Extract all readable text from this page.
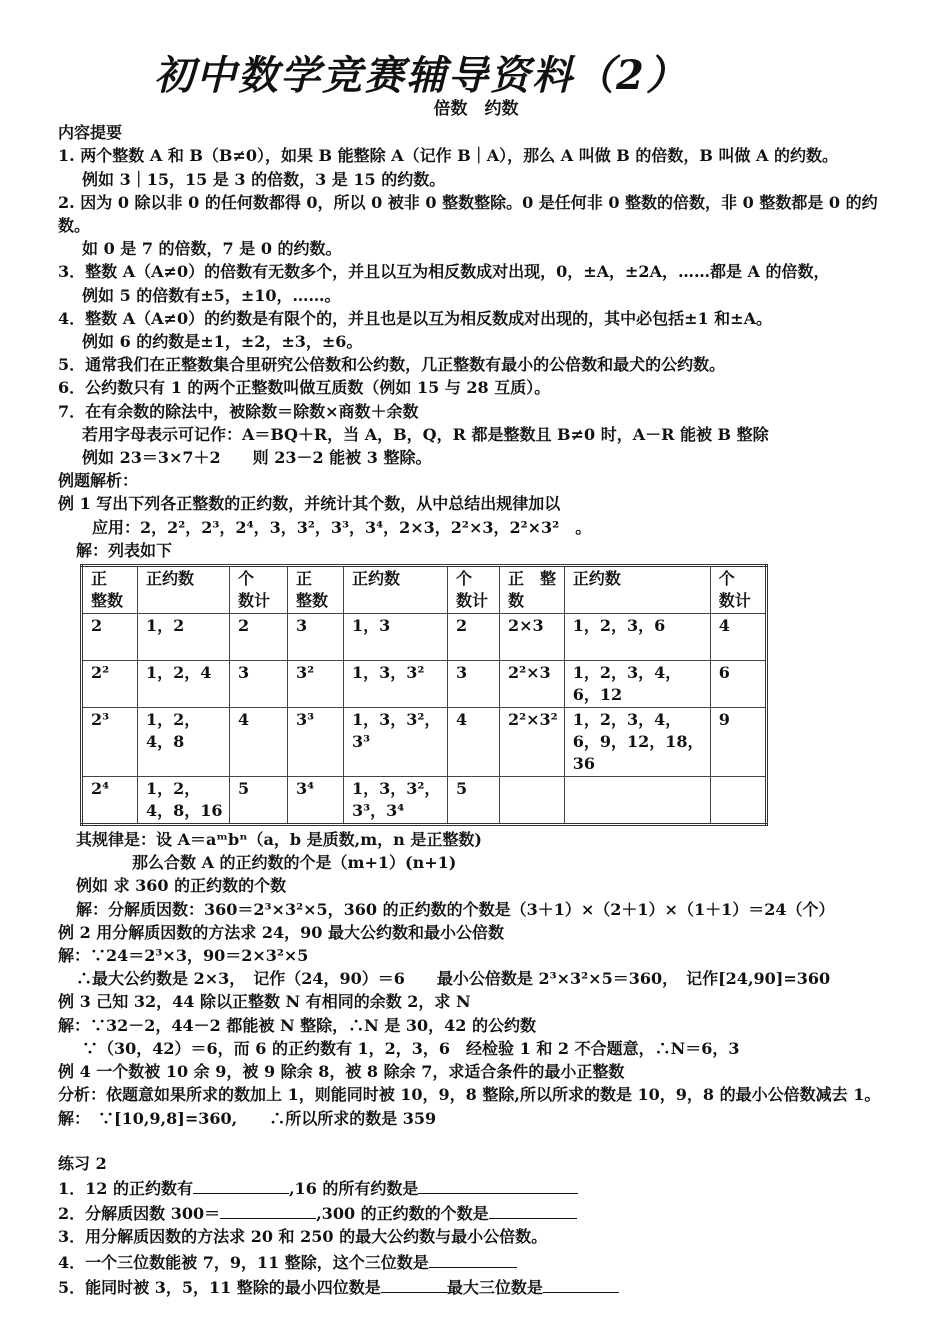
初中数学竞赛辅导资料（2）
倍数　约数

内容提要

1. 两个整数 A 和 B（B≠0），如果 B 能整除 A（记作 B｜A），那么 A 叫做 B 的倍数，B 叫做 A 的约数。

例如 3｜15，15 是 3 的倍数，3 是 15 的约数。

2. 因为 0 除以非 0 的任何数都得 0，所以 0 被非 0 整数整除。0 是任何非 0 整数的倍数，非 0 整数都是 0 的约数。

如 0 是 7 的倍数，7 是 0 的约数。

3．整数 A（A≠0）的倍数有无数多个，并且以互为相反数成对出现，0，±A，±2A，……都是 A 的倍数，

例如 5 的倍数有±5，±10，……。

4．整数 A（A≠0）的约数是有限个的，并且也是以互为相反数成对出现的，其中必包括±1 和±A。

例如 6 的约数是±1，±2，±3，±6。

5．通常我们在正整数集合里研究公倍数和公约数，几正整数有最小的公倍数和最犬的公约数。

6．公约数只有 1 的两个正整数叫做互质数（例如 15 与 28 互质）。

7．在有余数的除法中，被除数＝除数×商数＋余数

若用字母表示可记作：A＝BQ＋R，当 A，B，Q，R 都是整数且 B≠0 时，A－R 能被 B 整除

例如 23＝3×7＋2　　则 23－2 能被 3 整除。

例题解析：

例 1 写出下列各正整数的正约数，并统计其个数，从中总结出规律加以

应用：2，2²，2³，2⁴，3，3²，3³，3⁴，2×3，2²×3，2²×3²　 。

解：列表如下

正　整数	正约数	个　数计	正　整数	正约数	个　数计	正　整数	正约数	个　数计
2	1，2	2	3	1，3	2	2×3	1，2，3，6	4
2²	1，2，4	3	3²	1，3，3²	3	2²×3	1，2，3，4，6，12	6
2³	1，2，4，8	4	3³	1，3，3²，3³	4	2²×3²	1，2，3，4，6，9，12，18，36	9
2⁴	1，2，4，8，16	5	3⁴	1，3，3²，3³，3⁴	5			

其规律是：设 A＝aᵐbⁿ（a，b 是质数,m，n 是正整数)

那么合数 A 的正约数的个是（m+1）(n+1)

例如 求 360 的正约数的个数

解：分解质因数：360＝2³×3²×5，360 的正约数的个数是（3＋1）×（2＋1）×（1＋1）＝24（个）

例 2 用分解质因数的方法求 24，90 最大公约数和最小公倍数

解：∵24＝2³×3，90＝2×3²×5

∴最大公约数是 2×3，　记作（24，90）＝6　　最小公倍数是 2³×3²×5＝360，　记作[24,90]=360

例 3 己知 32，44 除以正整数 N 有相同的余数 2，求 N

解：∵32－2，44－2 都能被 N 整除，∴N 是 30，42 的公约数

∵（30，42）＝6，而 6 的正约数有 1，2，3，6　经检验 1 和 2 不合题意，∴N＝6，3

例 4 一个数被 10 余 9，被 9 除余 8，被 8 除余 7，求适合条件的最小正整数

分析：依题意如果所求的数加上 1，则能同时被 10，9，8 整除,所以所求的数是 10，9，8 的最小公倍数减去 1。

解：　∵[10,9,8]=360,　　∴所以所求的数是 359

练习 2

1．12 的正约数有	,16 的所有约数是

2．分解质因数 300＝	,300 的正约数的个数是

3．用分解质因数的方法求 20 和 250 的最大公约数与最小公倍数。

4．一个三位数能被 7，9，11 整除，这个三位数是

5．能同时被 3，5，11 整除的最小四位数是	最大三位数是
